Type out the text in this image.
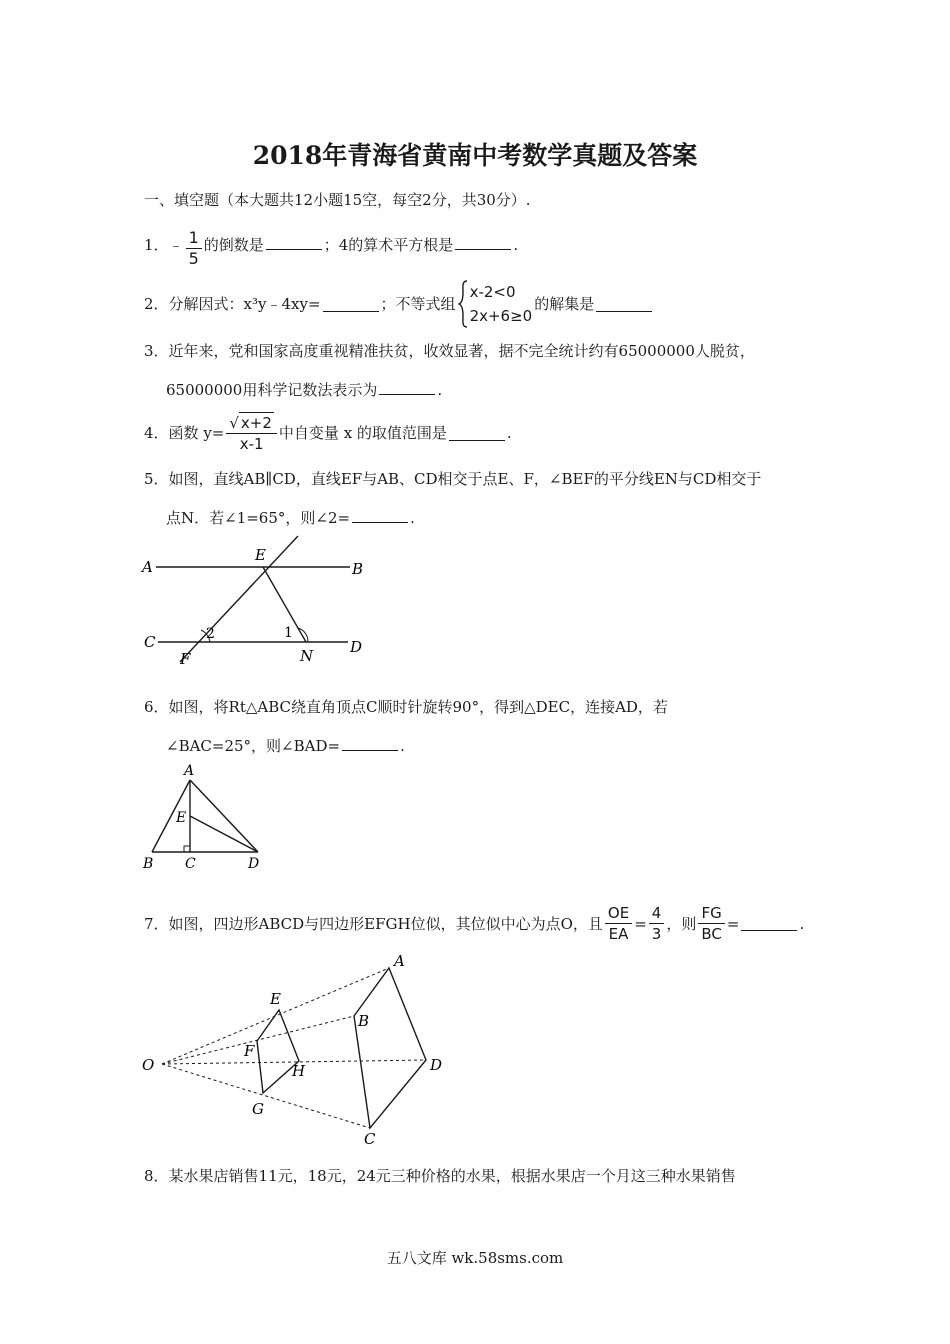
2018年青海省黄南中考数学真题及答案
一、填空题（本大题共12小题15空，每空2分，共30分）.
1．﹣ $\frac{1}{5}$ 的倒数是	；4的算术平方根是	.
2．分解因式：x³y﹣4xy=	；不等式组
x-2<0
2x+6≥0
的解集是
3．近年来，党和国家高度重视精准扶贫，收效显著，据不完全统计约有65000000人脱贫，
65000000用科学记数法表示为	.
4．函数 $y= \frac{√ x+2}{x-1}$ 中自变量 x 的取值范围是	.
5．如图，直线AB∥CD，直线EF与AB、CD相交于点E、F，∠BEF的平分线EN与CD相交于
点N．若∠1=65°，则∠2=	.
A	B
C	D
E
F	N
1
2
6．如图，将Rt△ABC绕直角顶点C顺时针旋转90°，得到△DEC，连接AD，若
∠BAC=25°，则∠BAD=	.
A
B C	D
E
7．如图，四边形ABCD与四边形EFGH位似，其位似中心为点O，且 $\frac{OE}{EA} = \frac{4}{3}$ ，则 $\frac{FG}{BC}$ =	.
O
A
B
C
D
E
F
G
H
8．某水果店销售11元，18元，24元三种价格的水果，根据水果店一个月这三种水果销售
五八文库 wk.58sms.com
